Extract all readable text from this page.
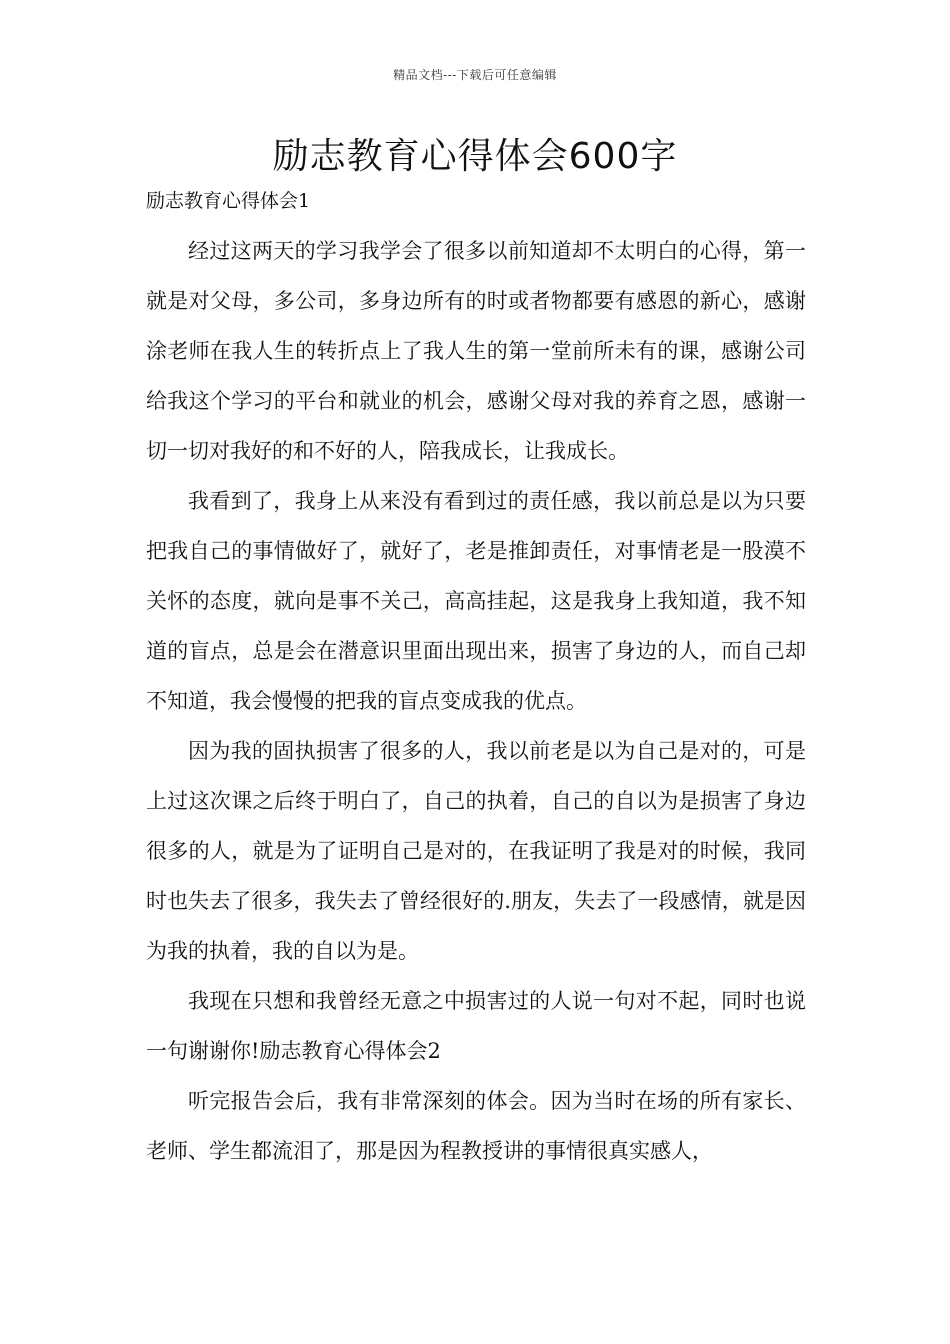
精品文档---下载后可任意编辑
励志教育心得体会600字
励志教育心得体会1

经过这两天的学习我学会了很多以前知道却不太明白的心得，第一就是对父母，多公司，多身边所有的时或者物都要有感恩的新心，感谢涂老师在我人生的转折点上了我人生的第一堂前所未有的课，感谢公司给我这个学习的平台和就业的机会，感谢父母对我的养育之恩，感谢一切一切对我好的和不好的人，陪我成长，让我成长。

我看到了，我身上从来没有看到过的责任感，我以前总是以为只要把我自己的事情做好了，就好了，老是推卸责任，对事情老是一股漠不关怀的态度，就向是事不关己，高高挂起，这是我身上我知道，我不知道的盲点，总是会在潜意识里面出现出来，损害了身边的人，而自己却不知道，我会慢慢的把我的盲点变成我的优点。

因为我的固执损害了很多的人，我以前老是以为自己是对的，可是上过这次课之后终于明白了，自己的执着，自己的自以为是损害了身边很多的人，就是为了证明自己是对的，在我证明了我是对的时候，我同时也失去了很多，我失去了曾经很好的.朋友，失去了一段感情，就是因为我的执着，我的自以为是。

我现在只想和我曾经无意之中损害过的人说一句对不起，同时也说一句谢谢你!励志教育心得体会2

听完报告会后，我有非常深刻的体会。因为当时在场的所有家长、老师、学生都流泪了，那是因为程教授讲的事情很真实感人，
